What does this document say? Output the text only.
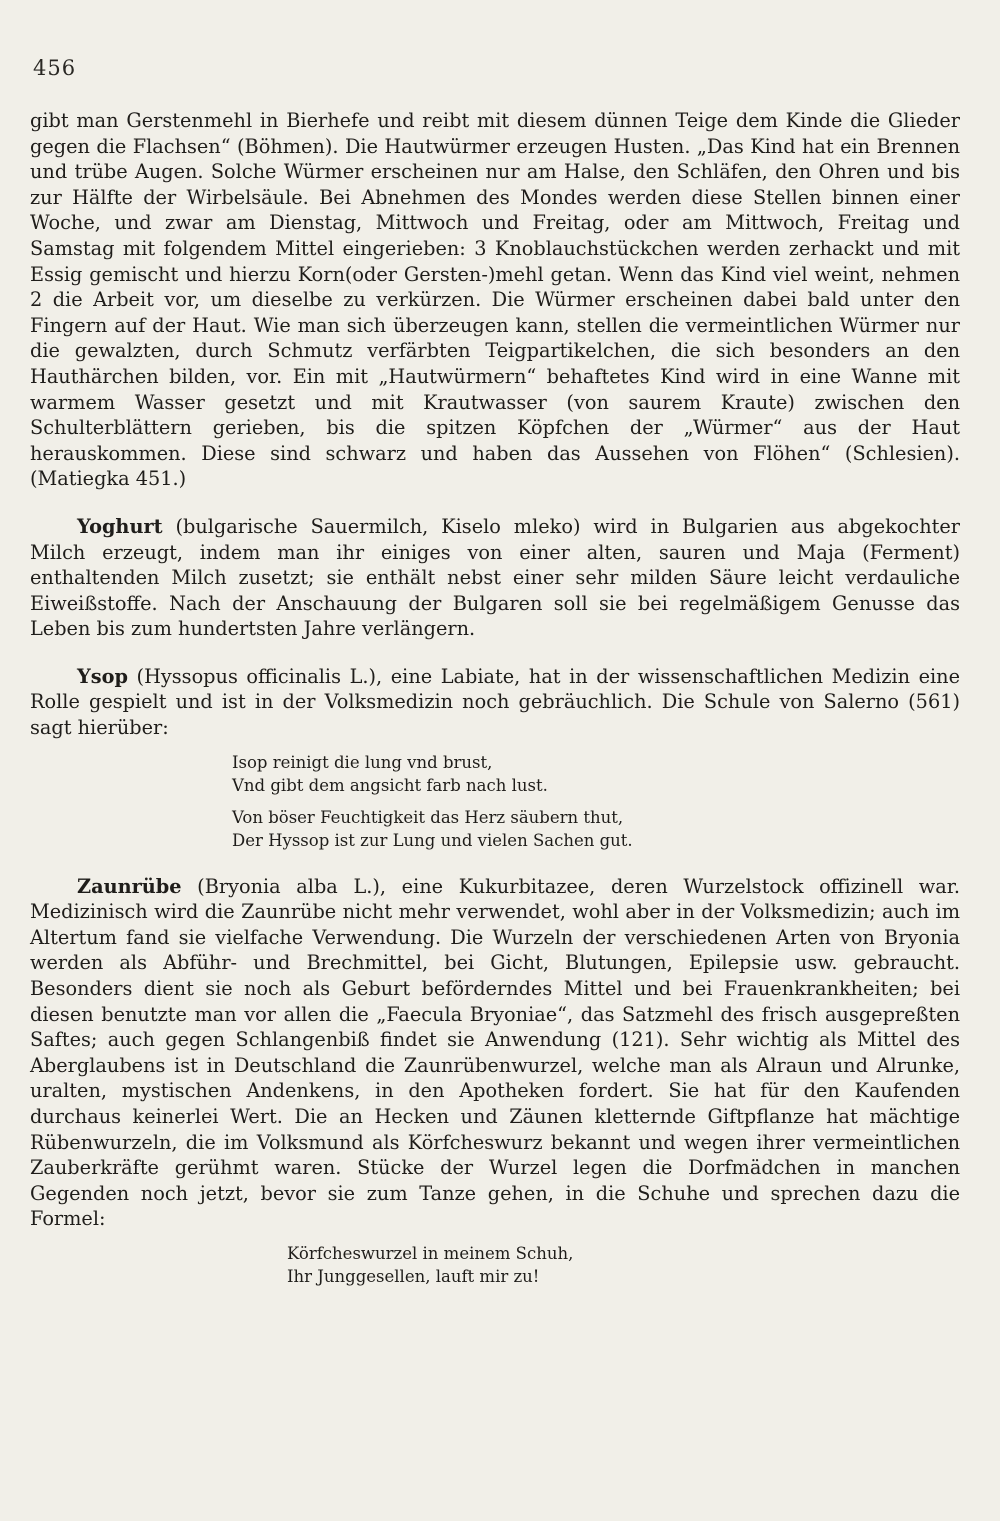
456

gibt man Gerstenmehl in Bierhefe und reibt mit diesem dünnen Teige dem Kinde die Glieder gegen die Flachsen“ (Böhmen). Die Hautwürmer erzeugen Husten. „Das Kind hat ein Brennen und trübe Augen. Solche Würmer erscheinen nur am Halse, den Schläfen, den Ohren und bis zur Hälfte der Wirbelsäule. Bei Abnehmen des Mondes werden diese Stellen binnen einer Woche, und zwar am Dienstag, Mittwoch und Freitag, oder am Mittwoch, Freitag und Samstag mit folgendem Mittel eingerieben: 3 Knoblauchstückchen werden zerhackt und mit Essig gemischt und hierzu Korn(oder Gersten-)mehl getan. Wenn das Kind viel weint, nehmen 2 die Arbeit vor, um dieselbe zu verkürzen. Die Würmer erscheinen dabei bald unter den Fingern auf der Haut. Wie man sich überzeugen kann, stellen die vermeintlichen Würmer nur die gewalzten, durch Schmutz verfärbten Teigpartikelchen, die sich besonders an den Hauthärchen bilden, vor. Ein mit „Hautwürmern“ behaftetes Kind wird in eine Wanne mit warmem Wasser gesetzt und mit Krautwasser (von saurem Kraute) zwischen den Schulterblättern gerieben, bis die spitzen Köpfchen der „Würmer“ aus der Haut herauskommen. Diese sind schwarz und haben das Aussehen von Flöhen“ (Schlesien). (Matiegka 451.)

Yoghurt (bulgarische Sauermilch, Kiselo mleko) wird in Bulgarien aus abgekochter Milch erzeugt, indem man ihr einiges von einer alten, sauren und Maja (Ferment) enthaltenden Milch zusetzt; sie enthält nebst einer sehr milden Säure leicht verdauliche Eiweißstoffe. Nach der Anschauung der Bulgaren soll sie bei regelmäßigem Genusse das Leben bis zum hundertsten Jahre verlängern.

Ysop (Hyssopus officinalis L.), eine Labiate, hat in der wissenschaftlichen Medizin eine Rolle gespielt und ist in der Volksmedizin noch gebräuchlich. Die Schule von Salerno (561) sagt hierüber:

Isop reinigt die lung vnd brust,
Vnd gibt dem angsicht farb nach lust.
Von böser Feuchtigkeit das Herz säubern thut,
Der Hyssop ist zur Lung und vielen Sachen gut.

Zaunrübe (Bryonia alba L.), eine Kukurbitazee, deren Wurzelstock offizinell war. Medizinisch wird die Zaunrübe nicht mehr verwendet, wohl aber in der Volksmedizin; auch im Altertum fand sie vielfache Verwendung. Die Wurzeln der verschiedenen Arten von Bryonia werden als Abführ- und Brechmittel, bei Gicht, Blutungen, Epilepsie usw. gebraucht. Besonders dient sie noch als Geburt beförderndes Mittel und bei Frauenkrankheiten; bei diesen benutzte man vor allen die „Faecula Bryoniae“, das Satzmehl des frisch ausgepreßten Saftes; auch gegen Schlangenbiß findet sie Anwendung (121). Sehr wichtig als Mittel des Aberglaubens ist in Deutschland die Zaunrübenwurzel, welche man als Alraun und Alrunke, uralten, mystischen Andenkens, in den Apotheken fordert. Sie hat für den Kaufenden durchaus keinerlei Wert. Die an Hecken und Zäunen kletternde Giftpflanze hat mächtige Rübenwurzeln, die im Volksmund als Körfcheswurz bekannt und wegen ihrer vermeintlichen Zauberkräfte gerühmt waren. Stücke der Wurzel legen die Dorfmädchen in manchen Gegenden noch jetzt, bevor sie zum Tanze gehen, in die Schuhe und sprechen dazu die Formel:

Körfcheswurzel in meinem Schuh,
Ihr Junggesellen, lauft mir zu!
